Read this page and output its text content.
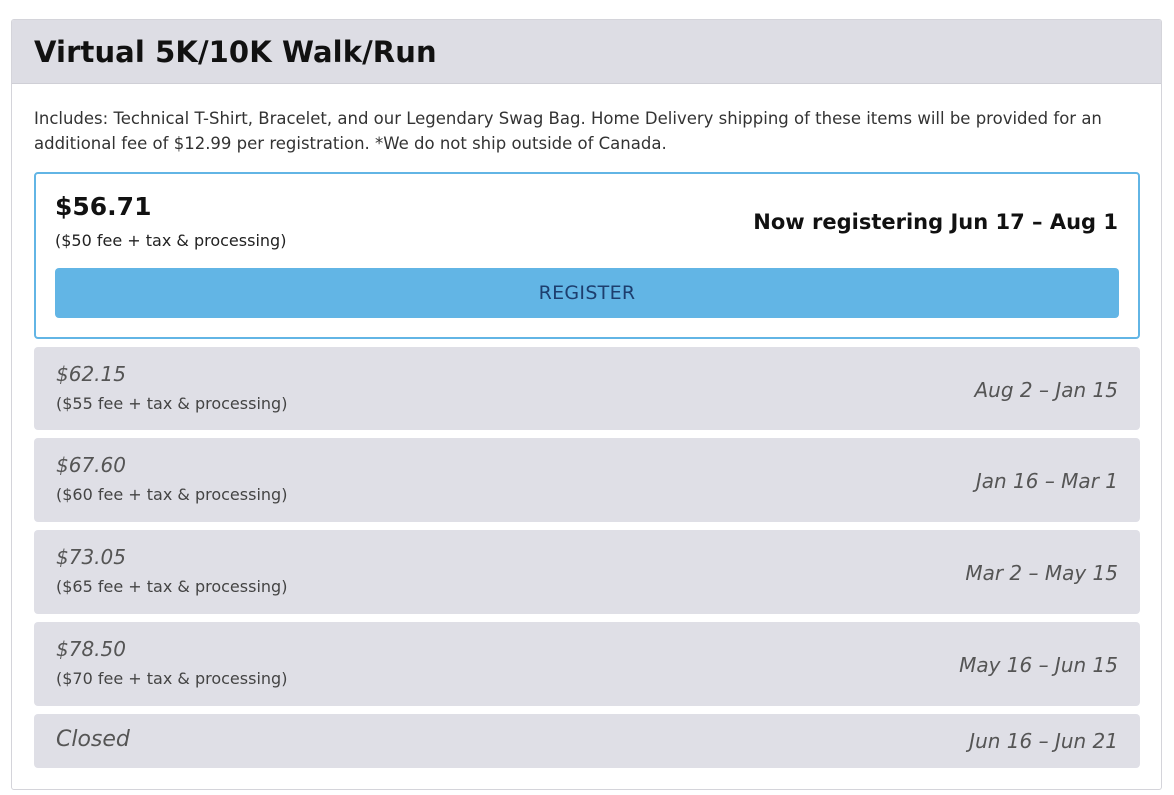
Virtual 5K/10K Walk/Run

Includes: Technical T-Shirt, Bracelet, and our Legendary Swag Bag. Home Delivery shipping of these items will be provided for an additional fee of $12.99 per registration. *We do not ship outside of Canada.

$56.71
($50 fee + tax & processing)
Now registering Jun 17 – Aug 1
REGISTER
$62.15
($55 fee + tax & processing)
Aug 2 – Jan 15
$67.60
($60 fee + tax & processing)
Jan 16 – Mar 1
$73.05
($65 fee + tax & processing)
Mar 2 – May 15
$78.50
($70 fee + tax & processing)
May 16 – Jun 15
Closed	Jun 16 – Jun 21
